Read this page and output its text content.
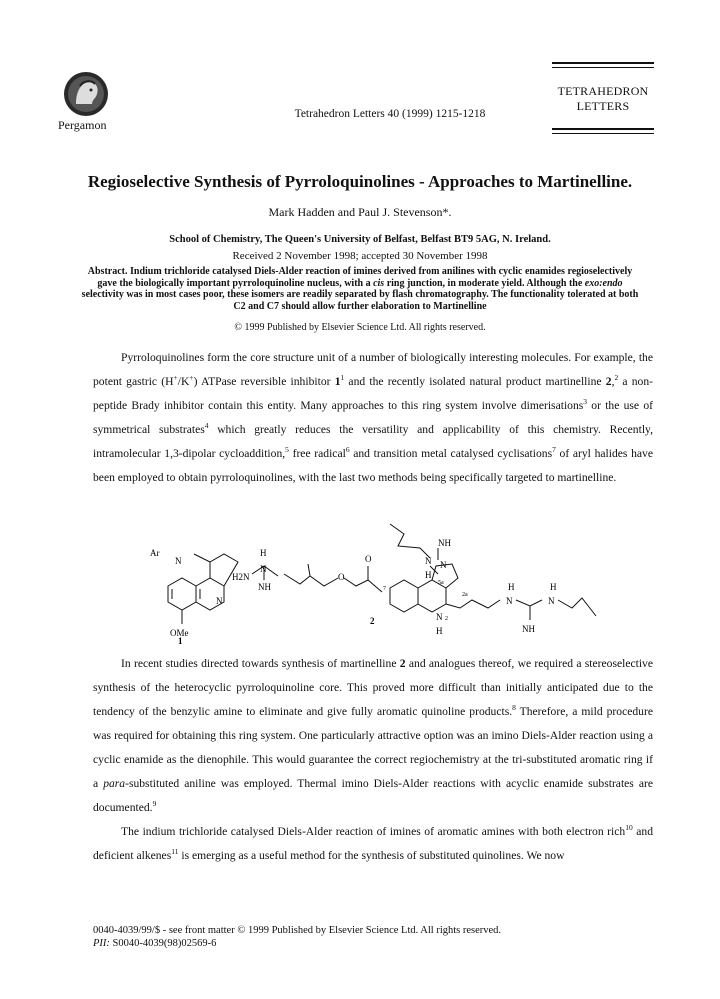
Pergamon
Tetrahedron Letters 40 (1999) 1215-1218
TETRAHEDRON
LETTERS
Regioselective Synthesis of Pyrroloquinolines - Approaches to Martinelline.
Mark Hadden and Paul J. Stevenson*.
School of Chemistry, The Queen's University of Belfast, Belfast BT9 5AG, N. Ireland.
Received 2 November 1998; accepted 30 November 1998
Abstract. Indium trichloride catalysed Diels-Alder reaction of imines derived from anilines with cyclic enamides regioselectively gave the biologically important pyrroloquinoline nucleus, with a cis ring junction, in moderate yield. Although the exo:endo selectivity was in most cases poor, these isomers are readily separated by flash chromatography. The functionality tolerated at both C2 and C7 should allow further elaboration to Martinelline
© 1999 Published by Elsevier Science Ltd. All rights reserved.

Pyrroloquinolines form the core structure unit of a number of biologically interesting molecules. For example, the potent gastric (H+/K+) ATPase reversible inhibitor $1^1$ and the recently isolated natural product martinelline 2,$^2$ a non-peptide Brady inhibitor contain this entity. Many approaches to this ring system involve dimerisations$^3$ or the use of symmetrical substrates$^4$ which greatly reduces the versatility and applicability of this chemistry. Recently, intramolecular 1,3-dipolar cycloaddition,$^5$ free radical$^6$ and transition metal catalysed cyclisations$^7$ of aryl halides have been employed to obtain pyrroloquinolines, with the last two methods being specifically targeted to martinelline.

Ar
N
N
OMe
1
NH
N
H
N
5a
H
H2N
N
NH
O
O
7
2a
N 2
H
H	H
N	N
NH
2

In recent studies directed towards synthesis of martinelline 2 and analogues thereof, we required a stereoselective synthesis of the heterocyclic pyrroloquinoline core. This proved more difficult than initially anticipated due to the tendency of the benzylic amine to eliminate and give fully aromatic quinoline products.$^8$ Therefore, a mild procedure was required for obtaining this ring system. One particularly attractive option was an imino Diels-Alder reaction using a cyclic enamide as the dienophile. This would guarantee the correct regiochemistry at the tri-substituted aromatic ring if a para-substituted aniline was employed. Thermal imino Diels-Alder reactions with acyclic enamide substrates are documented.$^9$

The indium trichloride catalysed Diels-Alder reaction of imines of aromatic amines with both electron rich$^{10}$ and deficient alkenes$^{11}$ is emerging as a useful method for the synthesis of substituted quinolines. We now

0040-4039/99/$ - see front matter © 1999 Published by Elsevier Science Ltd. All rights reserved.
PII: S0040-4039(98)02569-6
